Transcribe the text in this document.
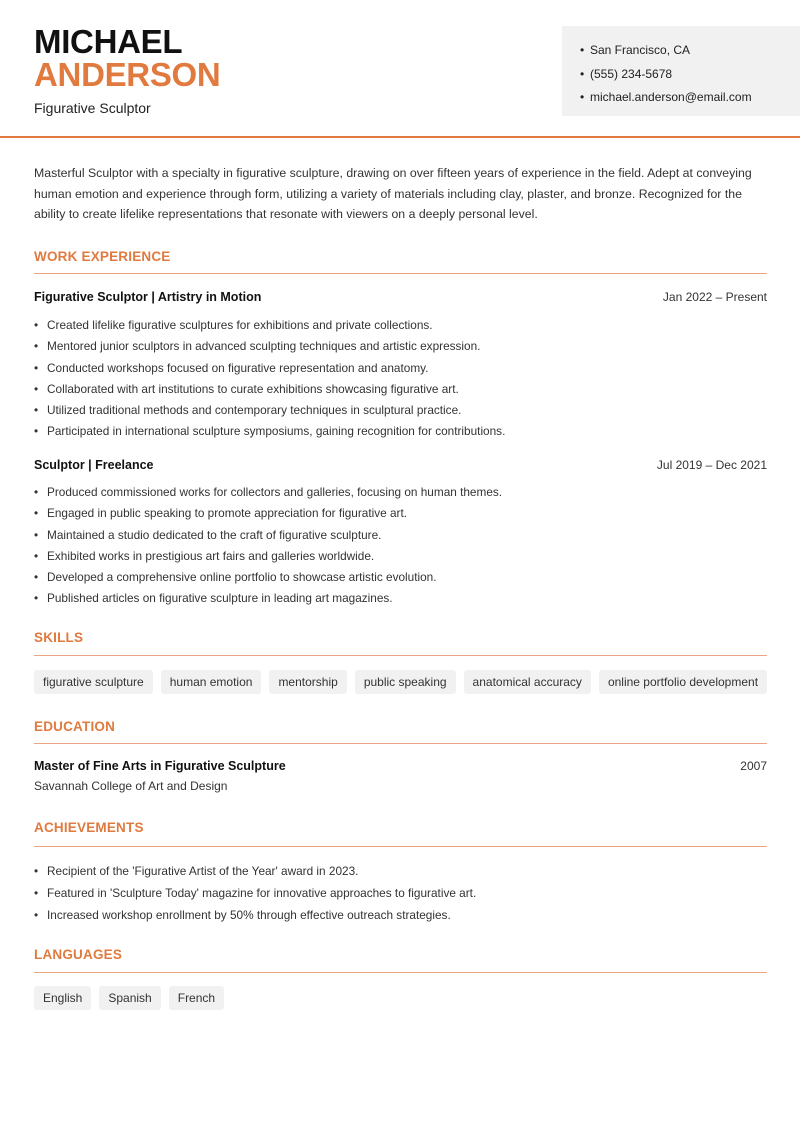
MICHAEL
ANDERSON
Figurative Sculptor
• San Francisco, CA
• (555) 234-5678
• michael.anderson@email.com

Masterful Sculptor with a specialty in figurative sculpture, drawing on over fifteen years of experience in the field. Adept at conveying human emotion and experience through form, utilizing a variety of materials including clay, plaster, and bronze. Recognized for the ability to create lifelike representations that resonate with viewers on a deeply personal level.

WORK EXPERIENCE
Figurative Sculptor | Artistry in Motion	Jan 2022 – Present
• Created lifelike figurative sculptures for exhibitions and private collections.
• Mentored junior sculptors in advanced sculpting techniques and artistic expression.
• Conducted workshops focused on figurative representation and anatomy.
• Collaborated with art institutions to curate exhibitions showcasing figurative art.
• Utilized traditional methods and contemporary techniques in sculptural practice.
• Participated in international sculpture symposiums, gaining recognition for contributions.
Sculptor | Freelance	Jul 2019 – Dec 2021
• Produced commissioned works for collectors and galleries, focusing on human themes.
• Engaged in public speaking to promote appreciation for figurative art.
• Maintained a studio dedicated to the craft of figurative sculpture.
• Exhibited works in prestigious art fairs and galleries worldwide.
• Developed a comprehensive online portfolio to showcase artistic evolution.
• Published articles on figurative sculpture in leading art magazines.
SKILLS
figurative sculpture	human emotion	mentorship	public speaking	anatomical accuracy	online portfolio development
EDUCATION
Master of Fine Arts in Figurative Sculpture	2007
Savannah College of Art and Design
ACHIEVEMENTS
• Recipient of the 'Figurative Artist of the Year' award in 2023.
• Featured in 'Sculpture Today' magazine for innovative approaches to figurative art.
• Increased workshop enrollment by 50% through effective outreach strategies.
LANGUAGES
English	Spanish	French
